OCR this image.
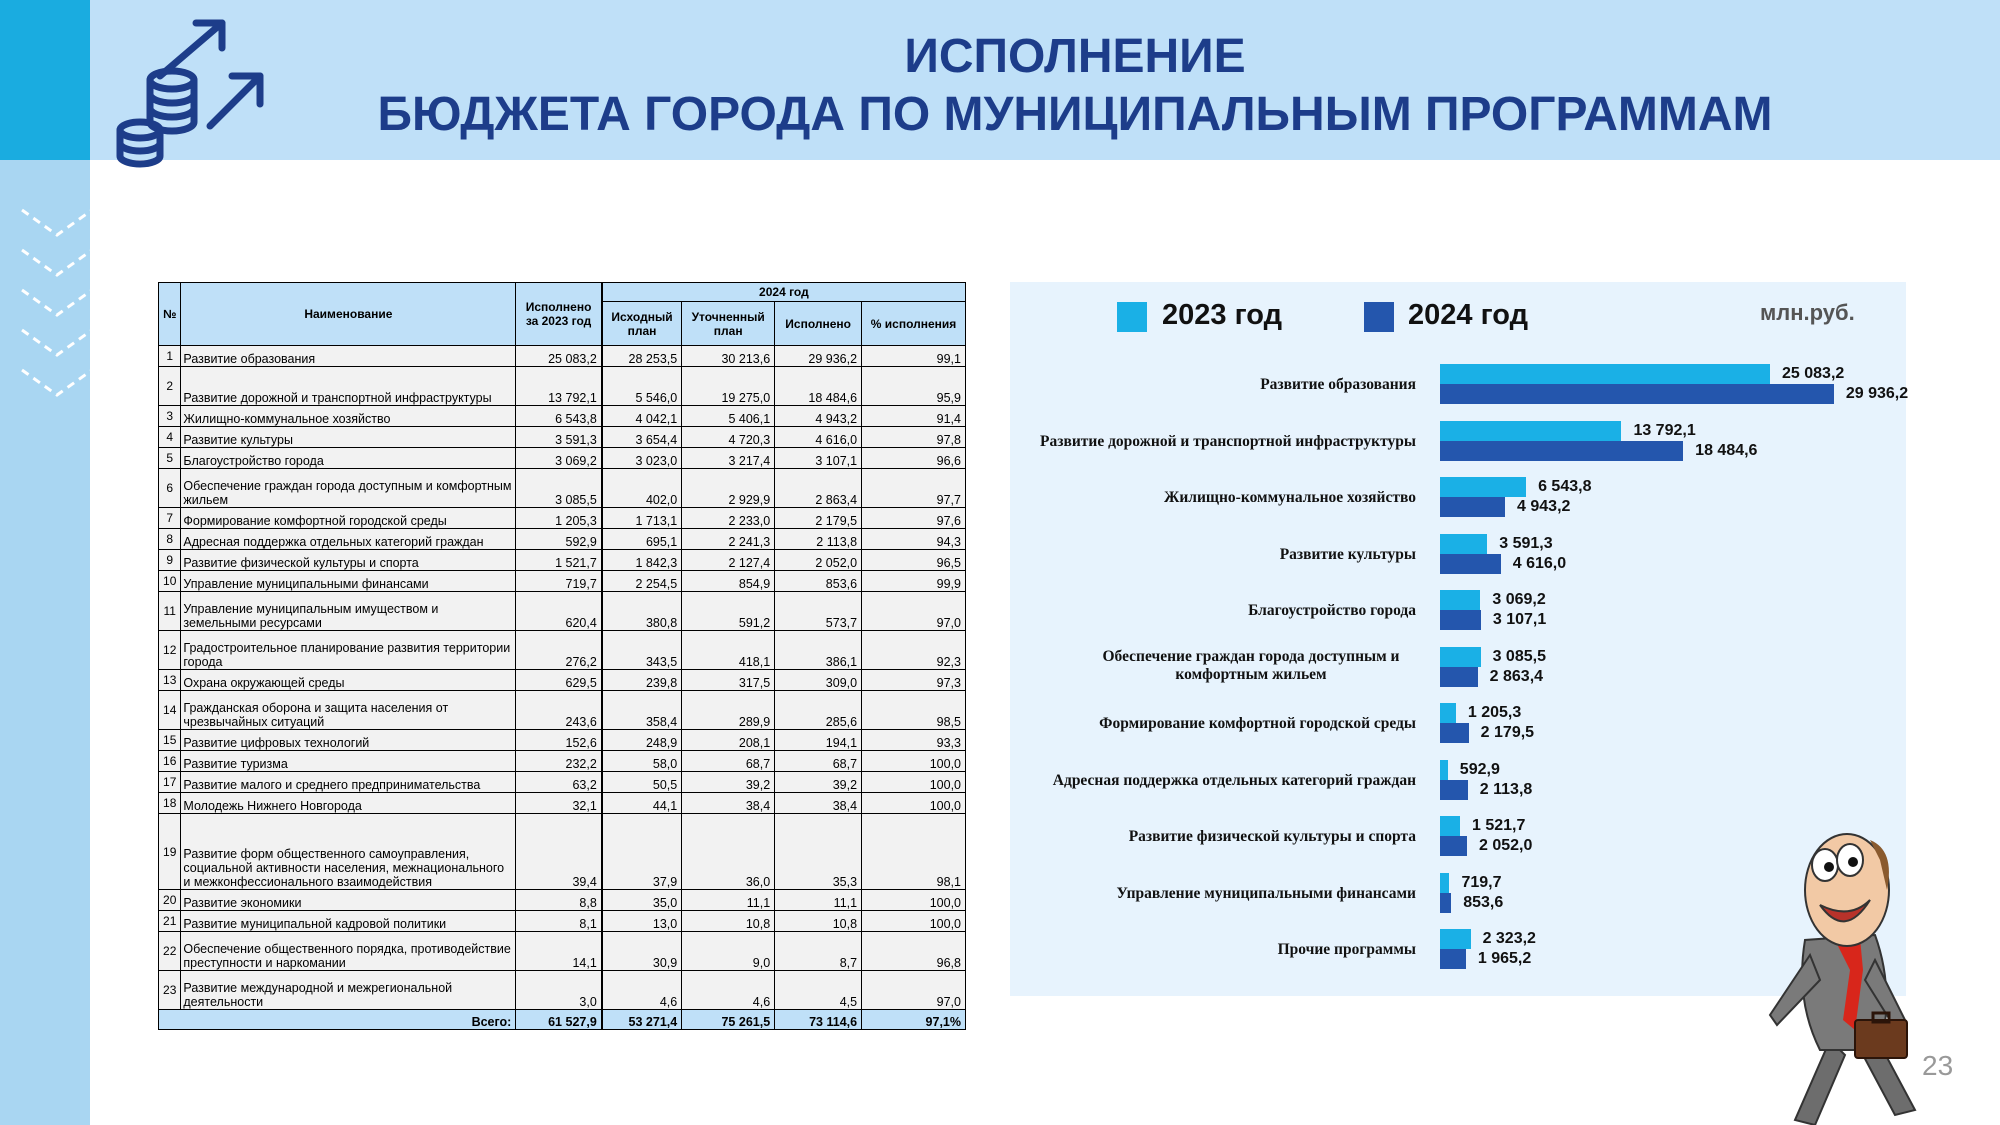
ИСПОЛНЕНИЕ
БЮДЖЕТА ГОРОДА ПО МУНИЦИПАЛЬНЫМ ПРОГРАММАМ
№	Наименование	Исполнено за 2023 год	2024 год			
			Исходный план	Уточненный план	Исполнено	% исполнения
1	Развитие образования	25 083,2	28 253,5	30 213,6	29 936,2	99,1
2	Развитие дорожной и транспортной инфраструктуры	13 792,1	5 546,0	19 275,0	18 484,6	95,9
3	Жилищно-коммунальное хозяйство	6 543,8	4 042,1	5 406,1	4 943,2	91,4
4	Развитие культуры	3 591,3	3 654,4	4 720,3	4 616,0	97,8
5	Благоустройство города	3 069,2	3 023,0	3 217,4	3 107,1	96,6
6	Обеспечение граждан города доступным и комфортным жильем	3 085,5	402,0	2 929,9	2 863,4	97,7
7	Формирование комфортной городской среды	1 205,3	1 713,1	2 233,0	2 179,5	97,6
8	Адресная поддержка отдельных категорий граждан	592,9	695,1	2 241,3	2 113,8	94,3
9	Развитие физической культуры и спорта	1 521,7	1 842,3	2 127,4	2 052,0	96,5
10	Управление муниципальными финансами	719,7	2 254,5	854,9	853,6	99,9
11	Управление муниципальным имуществом и земельными ресурсами	620,4	380,8	591,2	573,7	97,0
12	Градостроительное планирование развития территории города	276,2	343,5	418,1	386,1	92,3
13	Охрана окружающей среды	629,5	239,8	317,5	309,0	97,3
14	Гражданская оборона и защита населения от чрезвычайных ситуаций	243,6	358,4	289,9	285,6	98,5
15	Развитие цифровых технологий	152,6	248,9	208,1	194,1	93,3
16	Развитие туризма	232,2	58,0	68,7	68,7	100,0
17	Развитие малого и среднего предпринимательства	63,2	50,5	39,2	39,2	100,0
18	Молодежь Нижнего Новгорода	32,1	44,1	38,4	38,4	100,0
19	Развитие форм общественного самоуправления, социальной активности населения, межнационального и межконфессионального взаимодействия	39,4	37,9	36,0	35,3	98,1
20	Развитие экономики	8,8	35,0	11,1	11,1	100,0
21	Развитие муниципальной кадровой политики	8,1	13,0	10,8	10,8	100,0
22	Обеспечение общественного порядка, противодействие преступности и наркомании	14,1	30,9	9,0	8,7	96,8
23	Развитие международной и межрегиональной деятельности	3,0	4,6	4,6	4,5	97,0
Всего:		61 527,9	53 271,4	75 261,5	73 114,6	97,1%
2023 год	2024 год	млн.руб.
Развитие образования
25 083,2
29 936,2
Развитие дорожной и транспортной инфраструктуры
13 792,1
18 484,6
Жилищно-коммунальное хозяйство
6 543,8
4 943,2
Развитие культуры
3 591,3
4 616,0
Благоустройство города
3 069,2
3 107,1
Обеспечение граждан города доступным и комфортным жильем
3 085,5
2 863,4
Формирование комфортной городской среды
1 205,3
2 179,5
Адресная поддержка отдельных категорий граждан
592,9
2 113,8
Развитие физической культуры и спорта
1 521,7
2 052,0
Управление муниципальными финансами
719,7
853,6
Прочие программы
2 323,2
1 965,2
23
